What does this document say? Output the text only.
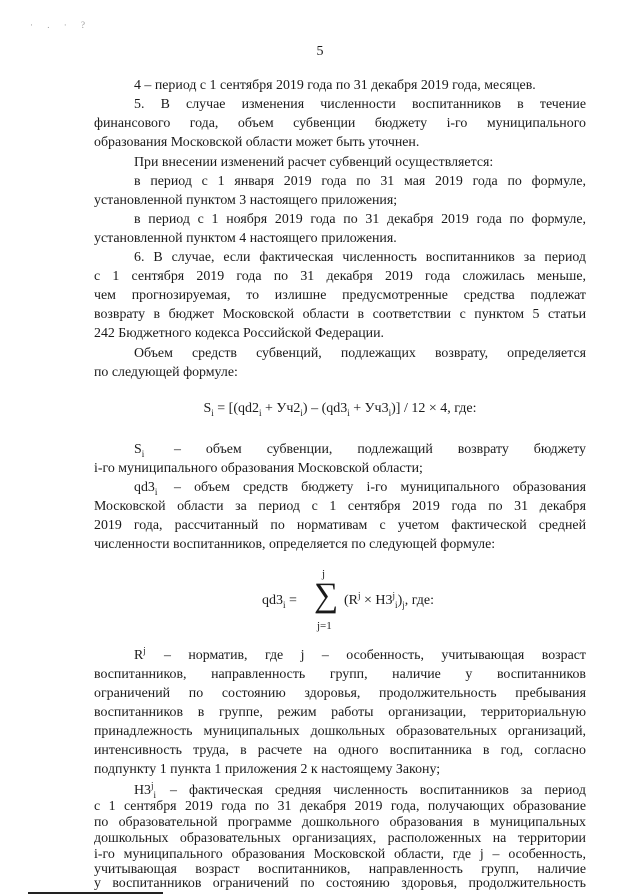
· . · ?
5
4 – период с 1 сентября 2019 года по 31 декабря 2019 года, месяцев.
5. В случае изменения численности воспитанников в течение
финансового года, объем субвенции бюджету i-го муниципального
образования Московской области может быть уточнен.
При внесении изменений расчет субвенций осуществляется:
в период с 1 января 2019 года по 31 мая 2019 года по формуле,
установленной пунктом 3 настоящего приложения;
в период с 1 ноября 2019 года по 31 декабря 2019 года по формуле,
установленной пунктом 4 настоящего приложения.
6. В случае, если фактическая численность воспитанников за период
с 1 сентября 2019 года по 31 декабря 2019 года сложилась меньше,
чем прогнозируемая, то излишне предусмотренные средства подлежат
возврату в бюджет Московской области в соответствии с пунктом 5 статьи
242 Бюджетного кодекса Российской Федерации.
Объем средств субвенций, подлежащих возврату, определяется
по следующей формуле:
$S_i = [(qd2_i + Уч2_i) - (qd3_i + Уч3_i)] / 12 \times 4$, где:
$S_i$ – объем субвенции, подлежащий возврату бюджету
i-го муниципального образования Московской области;
$qd3_i$ – объем средств бюджету i-го муниципального образования
Московской области за период с 1 сентября 2019 года по 31 декабря
2019 года, рассчитанный по нормативам с учетом фактической средней
численности воспитанников, определяется по следующей формуле:
$qd3_i$ =
j
∑
j=1
$(R^j \times Н3^j_i)_j$, где:
$R^j$ – норматив, где j – особенность, учитывающая возраст
воспитанников, направленность групп, наличие у воспитанников
ограничений по состоянию здоровья, продолжительность пребывания
воспитанников в группе, режим работы организации, территориальную
принадлежность муниципальных дошкольных образовательных организаций,
интенсивность труда, в расчете на одного воспитанника в год, согласно
подпункту 1 пункта 1 приложения 2 к настоящему Закону;
$Н3^j_i$ – фактическая средняя численность воспитанников за период
с 1 сентября 2019 года по 31 декабря 2019 года, получающих образование
по образовательной программе дошкольного образования в муниципальных
дошкольных образовательных организациях, расположенных на территории
i-го муниципального образования Московской области, где j – особенность,
учитывающая возраст воспитанников, направленность групп, наличие
у воспитанников ограничений по состоянию здоровья, продолжительность
